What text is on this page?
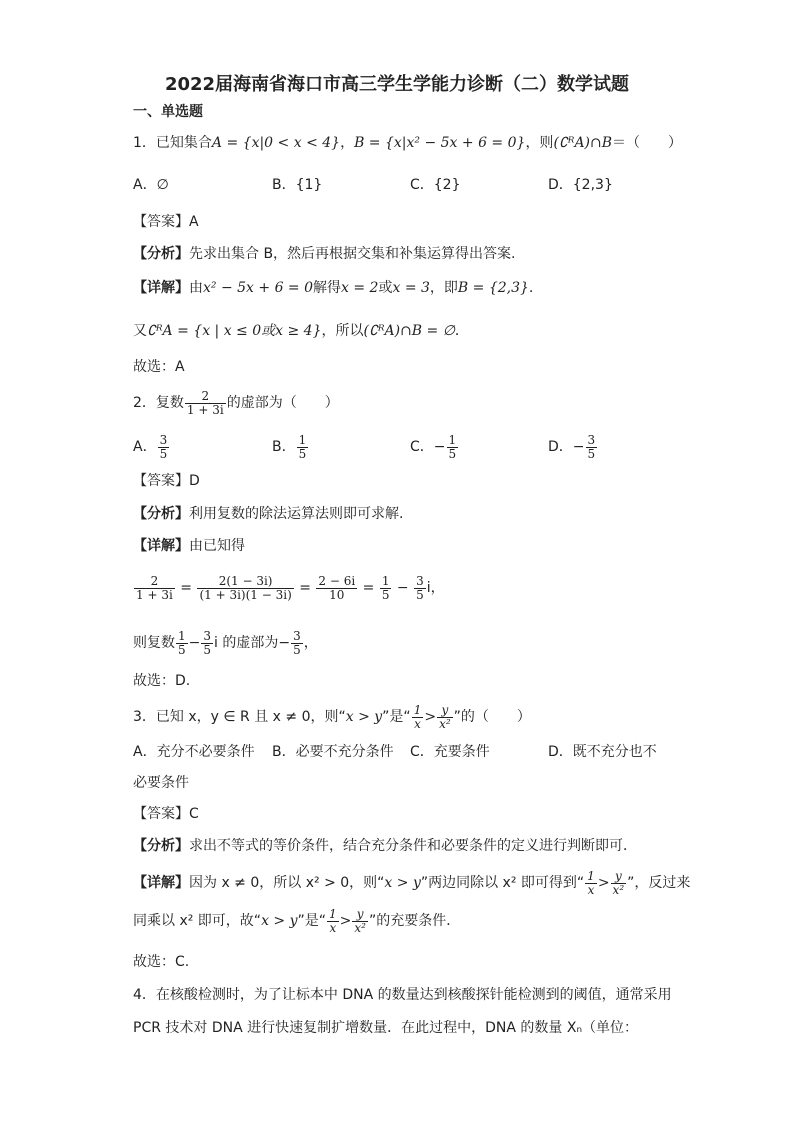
2022届海南省海口市高三学生学能力诊断（二）数学试题
一、单选题
1．已知集合A = {x|0 < x < 4}，B = {x|x² − 5x + 6 = 0}，则(∁ᴿA)∩B＝（　　）
A．∅	B．{1}	C．{2}	D．{2,3}
【答案】A
【分析】先求出集合 B，然后再根据交集和补集运算得出答案.
【详解】由x² − 5x + 6 = 0解得x = 2或x = 3，即B = {2,3}.
又∁ᴿA = {x | x ≤ 0或x ≥ 4}，所以(∁ᴿA)∩B = ∅．
故选：A
2．复数 $\frac{2}{1 + 3i}$ 的虚部为（　　）
A． $\frac{3}{5}$	B． $\frac{1}{5}$	C．− $\frac{1}{5}$	D．− $\frac{3}{5}$
【答案】D
【分析】利用复数的除法运算法则即可求解.
【详解】由已知得
$\frac{2}{1 + 3i} = \frac{2(1 - 3i)}{(1 + 3i)(1 - 3i)} = \frac{2 - 6i}{10} = \frac{1}{5} - \frac{3}{5}$ i，
则复数 $\frac{1}{5} - \frac{3}{5}$ i 的虚部为− $\frac{3}{5}$ ，
故选：D.
3．已知 x，y ∈ R 且 x ≠ 0，则“x > y”是“ $\frac{1}{x} > \frac{y}{\text{x²}}$ ”的（　　）
A．充分不必要条件 B．必要不充分条件 C．充要条件	D．既不充分也不
必要条件
【答案】C
【分析】求出不等式的等价条件，结合充分条件和必要条件的定义进行判断即可．
【详解】因为 x ≠ 0，所以 x² > 0，则“x > y”两边同除以 x² 即可得到“ $\frac{1}{x} > \frac{y}{\text{x²}}$ ”，反过来
同乘以 x² 即可，故“x > y”是“ $\frac{1}{x} > \frac{y}{\text{x²}}$ ”的充要条件．
故选：C.
4．在核酸检测时，为了让标本中 DNA 的数量达到核酸探针能检测到的阈值，通常采用
PCR 技术对 DNA 进行快速复制扩增数量．在此过程中，DNA 的数量 Xₙ（单位：
